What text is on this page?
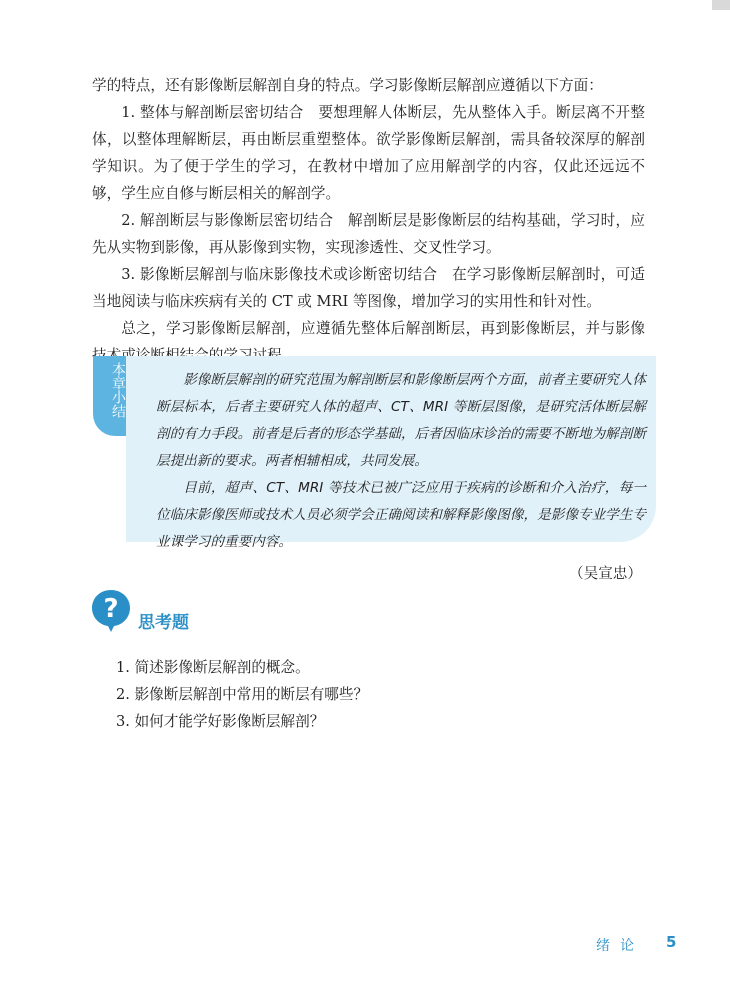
学的特点，还有影像断层解剖自身的特点。学习影像断层解剖应遵循以下方面：

1. 整体与解剖断层密切结合　要想理解人体断层，先从整体入手。断层离不开整体，以整体理解断层，再由断层重塑整体。欲学影像断层解剖，需具备较深厚的解剖学知识。为了便于学生的学习，在教材中增加了应用解剖学的内容，仅此还远远不够，学生应自修与断层相关的解剖学。

2. 解剖断层与影像断层密切结合　解剖断层是影像断层的结构基础，学习时，应先从实物到影像，再从影像到实物，实现渗透性、交叉性学习。

3. 影像断层解剖与临床影像技术或诊断密切结合　在学习影像断层解剖时，可适当地阅读与临床疾病有关的 CT 或 MRI 等图像，增加学习的实用性和针对性。

总之，学习影像断层解剖，应遵循先整体后解剖断层，再到影像断层，并与影像

本章小结	影像断层解剖的研究范围为解剖断层和影像断层两个方面，前者主要研究人体断层标本，后者主要研究人体的超声、CT、MRI 等断层图像，是研究活体断层解剖的有力手段。前者是后者的形态学基础，后者因临床诊治的需要不断地为解剖断层提出新的要求。两者相辅相成，共同发展。

目前，超声、CT、MRI 等技术已被广泛应用于疾病的诊断和介入治疗，每一位临床影像医师或技术人员必须学会正确阅读和解释影像图像，是影像专业学生专业课学习的重要内容。

（吴宣忠）
? 思考题
1. 简述影像断层解剖的概念。
2. 影像断层解剖中常用的断层有哪些？
3. 如何才能学好影像断层解剖？
绪论 5
